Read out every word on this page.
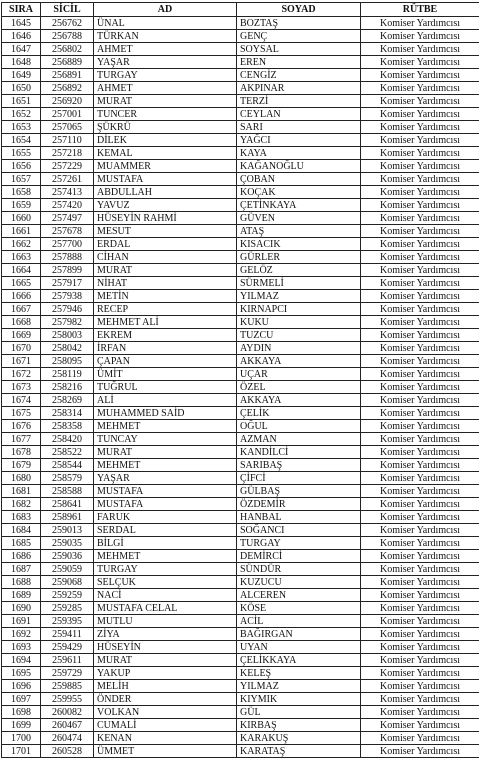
SIRA	SİCİL	AD	SOYAD	RÜTBE
1645	256762	ÜNAL	BOZTAŞ	Komiser Yardımcısı
1646	256788	TÜRKAN	GENÇ	Komiser Yardımcısı
1647	256802	AHMET	SOYSAL	Komiser Yardımcısı
1648	256889	YAŞAR	EREN	Komiser Yardımcısı
1649	256891	TURGAY	CENGİZ	Komiser Yardımcısı
1650	256892	AHMET	AKPINAR	Komiser Yardımcısı
1651	256920	MURAT	TERZİ	Komiser Yardımcısı
1652	257001	TUNCER	CEYLAN	Komiser Yardımcısı
1653	257065	ŞÜKRÜ	SARI	Komiser Yardımcısı
1654	257110	DİLEK	YAĞCI	Komiser Yardımcısı
1655	257218	KEMAL	KAYA	Komiser Yardımcısı
1656	257229	MUAMMER	KAĞANOĞLU	Komiser Yardımcısı
1657	257261	MUSTAFA	ÇOBAN	Komiser Yardımcısı
1658	257413	ABDULLAH	KOÇAK	Komiser Yardımcısı
1659	257420	YAVUZ	ÇETİNKAYA	Komiser Yardımcısı
1660	257497	HÜSEYİN RAHMİ	GÜVEN	Komiser Yardımcısı
1661	257678	MESUT	ATAŞ	Komiser Yardımcısı
1662	257700	ERDAL	KISACIK	Komiser Yardımcısı
1663	257888	CİHAN	GÜRLER	Komiser Yardımcısı
1664	257899	MURAT	GELÖZ	Komiser Yardımcısı
1665	257917	NİHAT	SÜRMELİ	Komiser Yardımcısı
1666	257938	METİN	YILMAZ	Komiser Yardımcısı
1667	257946	RECEP	KIRNAPCI	Komiser Yardımcısı
1668	257982	MEHMET ALİ	KUKU	Komiser Yardımcısı
1669	258003	EKREM	TUZCU	Komiser Yardımcısı
1670	258042	İRFAN	AYDIN	Komiser Yardımcısı
1671	258095	ÇAPAN	AKKAYA	Komiser Yardımcısı
1672	258119	ÜMİT	UÇAR	Komiser Yardımcısı
1673	258216	TUĞRUL	ÖZEL	Komiser Yardımcısı
1674	258269	ALİ	AKKAYA	Komiser Yardımcısı
1675	258314	MUHAMMED SAİD	ÇELİK	Komiser Yardımcısı
1676	258358	MEHMET	OĞUL	Komiser Yardımcısı
1677	258420	TUNCAY	AZMAN	Komiser Yardımcısı
1678	258522	MURAT	KANDİLCİ	Komiser Yardımcısı
1679	258544	MEHMET	SARIBAŞ	Komiser Yardımcısı
1680	258579	YAŞAR	ÇİFCİ	Komiser Yardımcısı
1681	258588	MUSTAFA	GÜLBAŞ	Komiser Yardımcısı
1682	258641	MUSTAFA	ÖZDEMİR	Komiser Yardımcısı
1683	258961	FARUK	HANBAL	Komiser Yardımcısı
1684	259013	SERDAL	SOĞANCI	Komiser Yardımcısı
1685	259035	BİLGİ	TURGAY	Komiser Yardımcısı
1686	259036	MEHMET	DEMİRCİ	Komiser Yardımcısı
1687	259059	TURGAY	SÜNDÜR	Komiser Yardımcısı
1688	259068	SELÇUK	KUZUCU	Komiser Yardımcısı
1689	259259	NACİ	ALCEREN	Komiser Yardımcısı
1690	259285	MUSTAFA CELAL	KÖSE	Komiser Yardımcısı
1691	259395	MUTLU	ACİL	Komiser Yardımcısı
1692	259411	ZİYA	BAĞIRGAN	Komiser Yardımcısı
1693	259429	HÜSEYİN	UYAN	Komiser Yardımcısı
1694	259611	MURAT	ÇELİKKAYA	Komiser Yardımcısı
1695	259729	YAKUP	KELEŞ	Komiser Yardımcısı
1696	259885	MELİH	YILMAZ	Komiser Yardımcısı
1697	259955	ÖNDER	KIYMIK	Komiser Yardımcısı
1698	260082	VOLKAN	GÜL	Komiser Yardımcısı
1699	260467	CUMALİ	KIRBAŞ	Komiser Yardımcısı
1700	260474	KENAN	KARAKUŞ	Komiser Yardımcısı
1701	260528	ÜMMET	KARATAŞ	Komiser Yardımcısı
